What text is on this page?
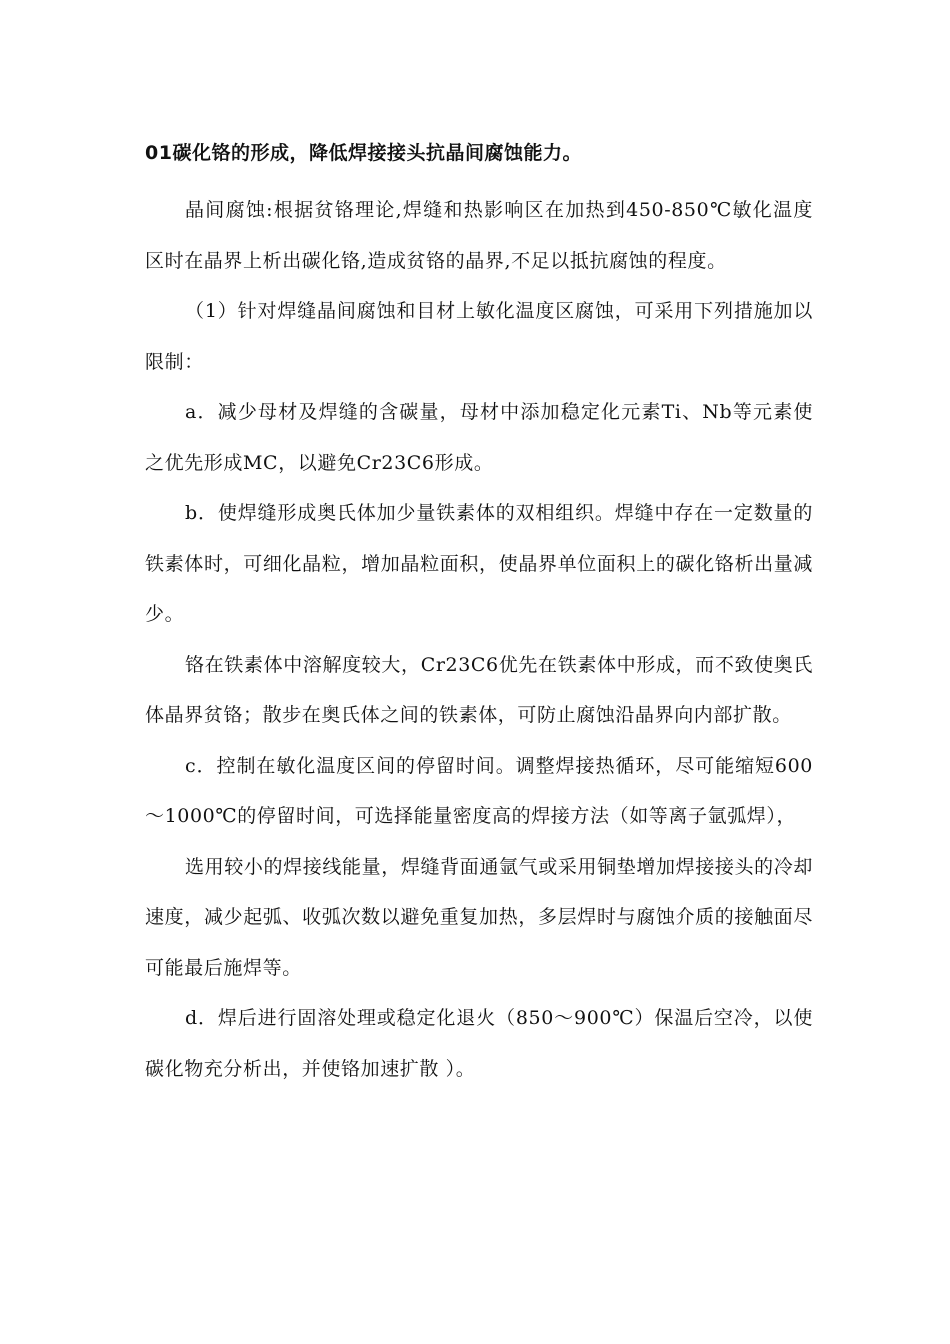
01碳化铬的形成，降低焊接接头抗晶间腐蚀能力。

晶间腐蚀:根据贫铬理论,焊缝和热影响区在加热到450-850℃敏化温度区时在晶界上析出碳化铬,造成贫铬的晶界,不足以抵抗腐蚀的程度。

（1）针对焊缝晶间腐蚀和目材上敏化温度区腐蚀，可采用下列措施加以限制：

a．减少母材及焊缝的含碳量，母材中添加稳定化元素Ti、Nb等元素使之优先形成MC，以避免Cr23C6形成。

b．使焊缝形成奥氏体加少量铁素体的双相组织。焊缝中存在一定数量的铁素体时，可细化晶粒，增加晶粒面积，使晶界单位面积上的碳化铬析出量减少。

铬在铁素体中溶解度较大，Cr23C6优先在铁素体中形成，而不致使奥氏体晶界贫铬；散步在奥氏体之间的铁素体，可防止腐蚀沿晶界向内部扩散。

c．控制在敏化温度区间的停留时间。调整焊接热循环，尽可能缩短600～1000℃的停留时间，可选择能量密度高的焊接方法（如等离子氩弧焊），

选用较小的焊接线能量，焊缝背面通氩气或采用铜垫增加焊接接头的冷却速度，减少起弧、收弧次数以避免重复加热，多层焊时与腐蚀介质的接触面尽可能最后施焊等。

d．焊后进行固溶处理或稳定化退火（850～900℃）保温后空冷，以使碳化物充分析出，并使铬加速扩散 ）。
